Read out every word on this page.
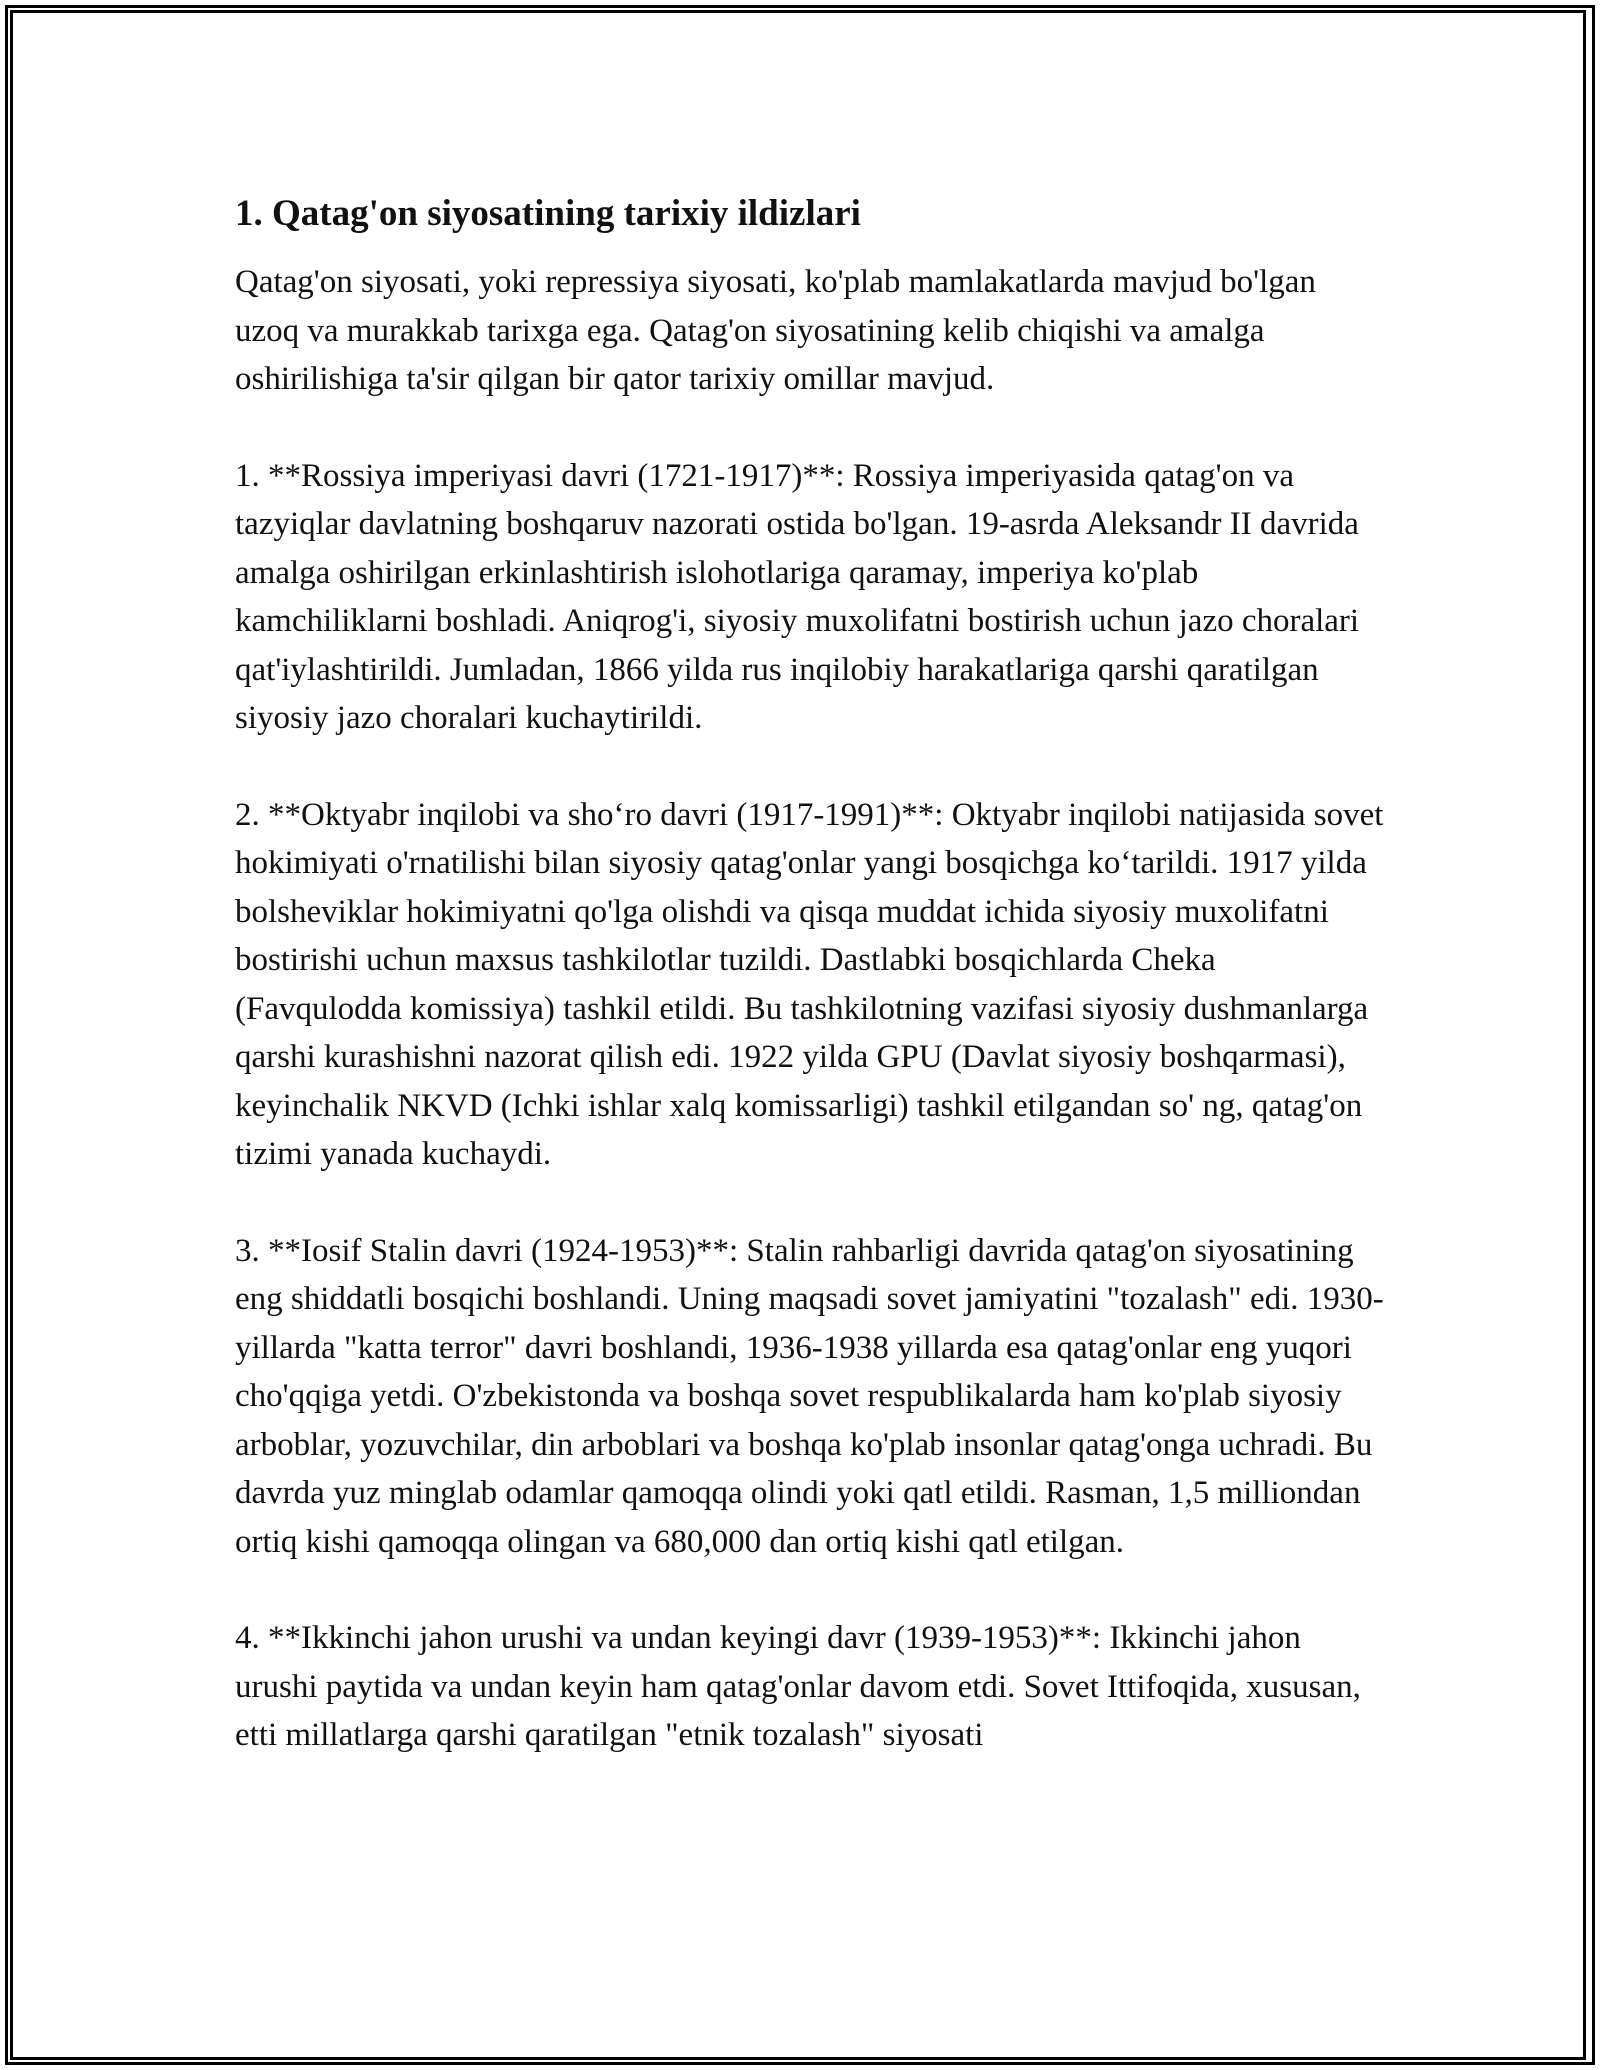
1. Qatag'on siyosatining tarixiy ildizlari

Qatag'on siyosati, yoki repressiya siyosati, ko'plab mamlakatlarda mavjud bo'lgan uzoq va murakkab tarixga ega. Qatag'on siyosatining kelib chiqishi va amalga oshirilishiga ta'sir qilgan bir qator tarixiy omillar mavjud.

1. **Rossiya imperiyasi davri (1721-1917)**: Rossiya imperiyasida qatag'on va tazyiqlar davlatning boshqaruv nazorati ostida bo'lgan. 19-asrda Aleksandr II davrida amalga oshirilgan erkinlashtirish islohotlariga qaramay, imperiya ko'plab kamchiliklarni boshladi. Aniqrog'i, siyosiy muxolifatni bostirish uchun jazo choralari qat'iylashtirildi. Jumladan, 1866 yilda rus inqilobiy harakatlariga qarshi qaratilgan siyosiy jazo choralari kuchaytirildi.

2. **Oktyabr inqilobi va sho‘ro davri (1917-1991)**: Oktyabr inqilobi natijasida sovet hokimiyati o'rnatilishi bilan siyosiy qatag'onlar yangi bosqichga ko‘tarildi. 1917 yilda bolsheviklar hokimiyatni qo'lga olishdi va qisqa muddat ichida siyosiy muxolifatni bostirishi uchun maxsus tashkilotlar tuzildi. Dastlabki bosqichlarda Cheka (Favqulodda komissiya) tashkil etildi. Bu tashkilotning vazifasi siyosiy dushmanlarga qarshi kurashishni nazorat qilish edi. 1922 yilda GPU (Davlat siyosiy boshqarmasi), keyinchalik NKVD (Ichki ishlar xalq komissarligi) tashkil etilgandan so' ng, qatag'on tizimi yanada kuchaydi.

3. **Iosif Stalin davri (1924-1953)**: Stalin rahbarligi davrida qatag'on siyosatining eng shiddatli bosqichi boshlandi. Uning maqsadi sovet jamiyatini "tozalash" edi. 1930-yillarda "katta terror" davri boshlandi, 1936-1938 yillarda esa qatag'onlar eng yuqori cho'qqiga yetdi. O'zbekistonda va boshqa sovet respublikalarda ham ko'plab siyosiy arboblar, yozuvchilar, din arboblari va boshqa ko'plab insonlar qatag'onga uchradi. Bu davrda yuz minglab odamlar qamoqqa olindi yoki qatl etildi. Rasman, 1,5 milliondan ortiq kishi qamoqqa olingan va 680,000 dan ortiq kishi qatl etilgan.

4. **Ikkinchi jahon urushi va undan keyingi davr (1939-1953)**: Ikkinchi jahon urushi paytida va undan keyin ham qatag'onlar davom etdi. Sovet Ittifoqida, xususan, etti millatlarga qarshi qaratilgan "etnik tozalash" siyosati
